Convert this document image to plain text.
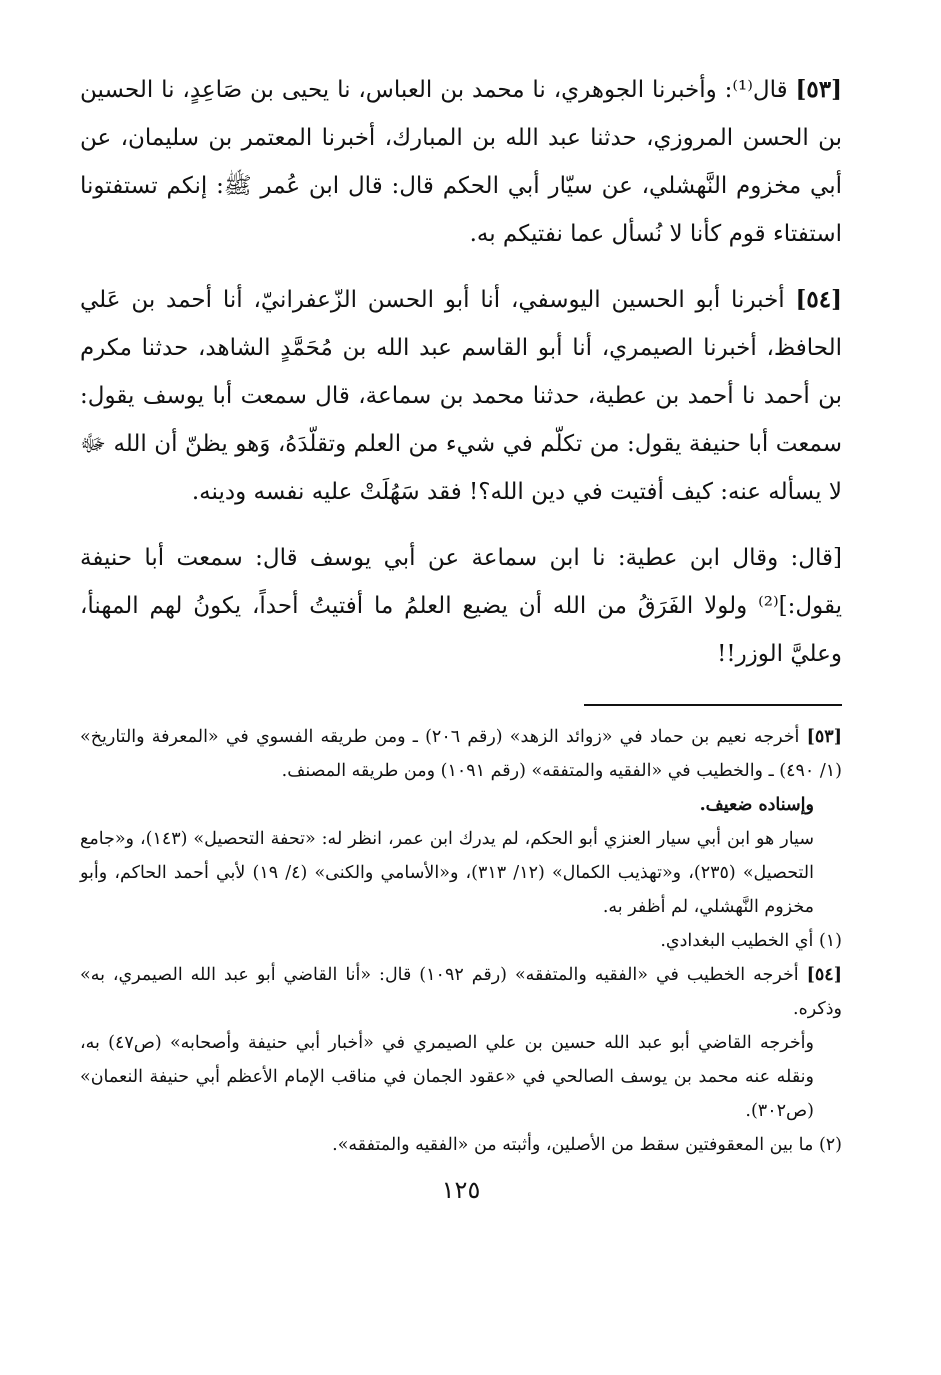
[٥٣] قال⁽¹⁾: وأخبرنا الجوهري، نا محمد بن العباس، نا يحيى بن صَاعِدٍ، نا الحسين بن الحسن المروزي، حدثنا عبد الله بن المبارك، أخبرنا المعتمر بن سليمان، عن أبي مخزوم النَّهشلي، عن سيّار أبي الحكم قال: قال ابن عُمر ﷺ: إنكم تستفتونا استفتاء قوم كأنا لا نُسأل عما نفتيكم به.

[٥٤] أخبرنا أبو الحسين اليوسفي، أنا أبو الحسن الزّعفرانيّ، أنا أحمد بن عَلي الحافظ، أخبرنا الصيمري، أنا أبو القاسم عبد الله بن مُحَمَّدٍ الشاهد، حدثنا مكرم بن أحمد نا أحمد بن عطية، حدثنا محمد بن سماعة، قال سمعت أبا يوسف يقول: سمعت أبا حنيفة يقول: من تكلّم في شيء من العلم وتقلّدَهُ، وَهو يظنّ أن الله ﷻ لا يسأله عنه: كيف أفتيت في دين الله؟! فقد سَهُلَتْ عليه نفسه ودينه.

[قال: وقال ابن عطية: نا ابن سماعة عن أبي يوسف قال: سمعت أبا حنيفة يقول:]⁽²⁾ ولولا الفَرَقُ من الله أن يضيع العلمُ ما أفتيتُ أحداً، يكونُ لهم المهنأ، وعليَّ الوزر!!

[٥٣] أخرجه نعيم بن حماد في «زوائد الزهد» (رقم ٢٠٦) ـ ومن طريقه الفسوي في «المعرفة والتاريخ» (١/ ٤٩٠) ـ والخطيب في «الفقيه والمتفقه» (رقم ١٠٩١) ومن طريقه المصنف.

وإسناده ضعيف.

سيار هو ابن أبي سيار العنزي أبو الحكم، لم يدرك ابن عمر، انظر له: «تحفة التحصيل» (١٤٣)، و«جامع التحصيل» (٢٣٥)، و«تهذيب الكمال» (١٢/ ٣١٣)، و«الأسامي والكنى» (٤/ ١٩) لأبي أحمد الحاكم، وأبو مخزوم النَّهشلي، لم أظفر به.

(١) أي الخطيب البغدادي.

[٥٤] أخرجه الخطيب في «الفقيه والمتفقه» (رقم ١٠٩٢) قال: «أنا القاضي أبو عبد الله الصيمري، به» وذكره.

وأخرجه القاضي أبو عبد الله حسين بن علي الصيمري في «أخبار أبي حنيفة وأصحابه» (ص٤٧) به، ونقله عنه محمد بن يوسف الصالحي في «عقود الجمان في مناقب الإمام الأعظم أبي حنيفة النعمان» (ص٣٠٢).

(٢) ما بين المعقوفتين سقط من الأصلين، وأثبته من «الفقيه والمتفقه».

١٢٥
